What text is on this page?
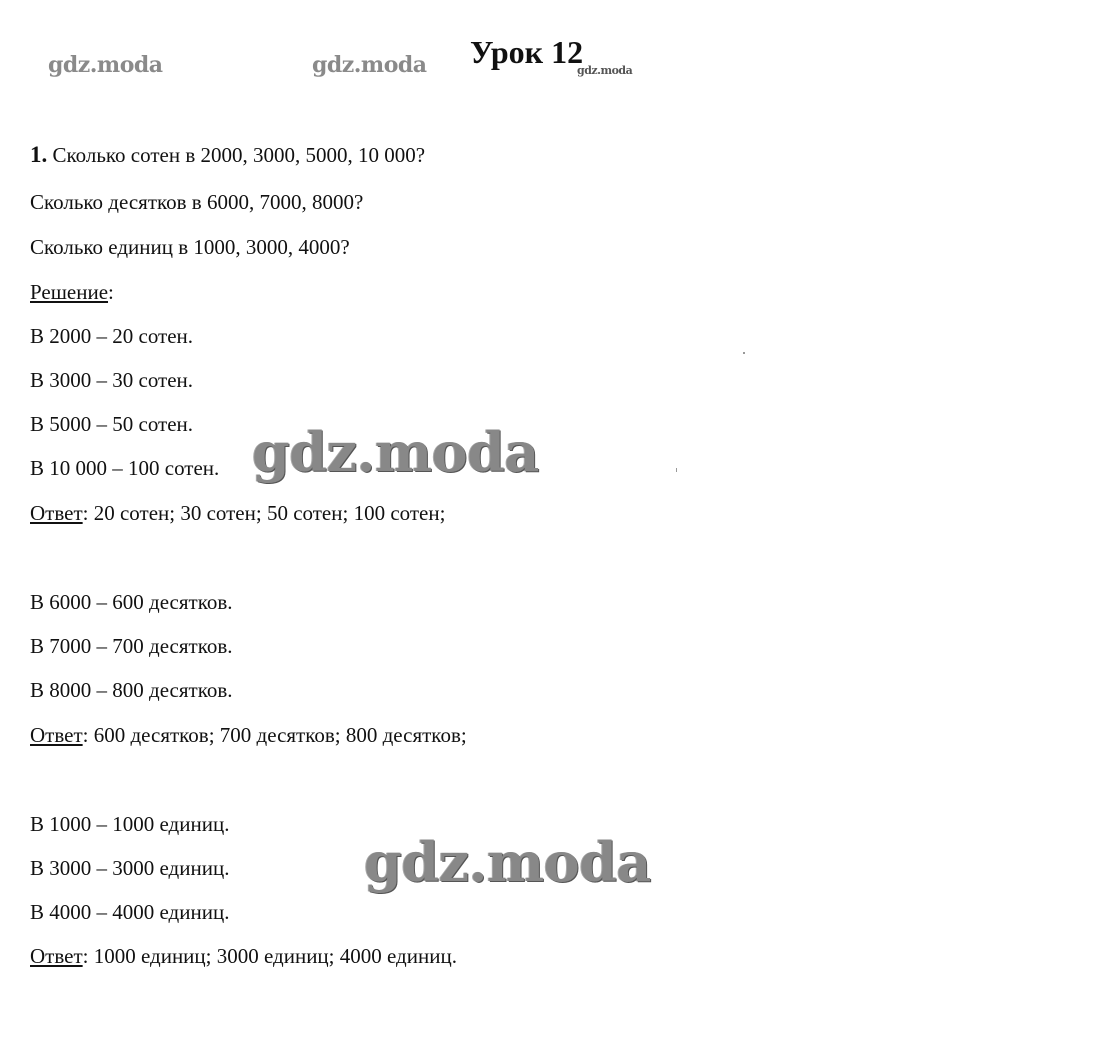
gdz.moda	gdz.moda	gdz.moda
Урок 12
1. Сколько сотен в 2000, 3000, 5000, 10 000?
Сколько десятков в 6000, 7000, 8000?
Сколько единиц в 1000, 3000, 4000?
Решение:
В 2000 – 20 сотен.
В 3000 – 30 сотен.
В 5000 – 50 сотен.
В 10 000 – 100 сотен.
Ответ: 20 сотен; 30 сотен; 50 сотен; 100 сотен;
В 6000 – 600 десятков.
В 7000 – 700 десятков.
В 8000 – 800 десятков.
Ответ: 600 десятков; 700 десятков; 800 десятков;
В 1000 – 1000 единиц.
В 3000 – 3000 единиц.
В 4000 – 4000 единиц.
Ответ: 1000 единиц; 3000 единиц; 4000 единиц.
gdz.moda
gdz.moda
